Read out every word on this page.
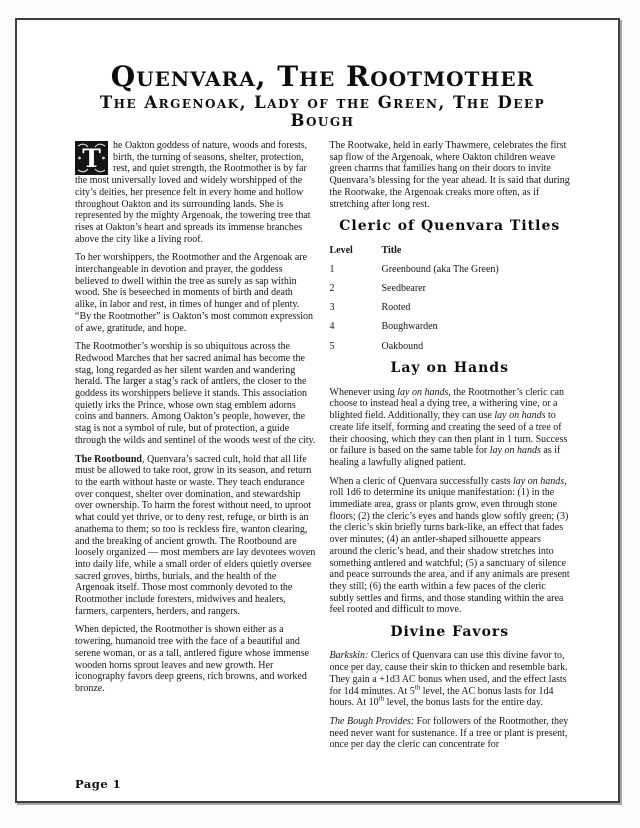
Quenvara, The Rootmother
The Argenoak, Lady of the Green, The Deep Bough

T he Oakton goddess of nature, woods and forests, birth, the turning of seasons, shelter, protection, rest, and quiet strength, the Rootmother is by far the most universally loved and widely worshipped of the city’s deities, her presence felt in every home and hollow throughout Oakton and its surrounding lands. She is represented by the mighty Argenoak, the towering tree that rises at Oakton’s heart and spreads its immense branches above the city like a living roof.

To her worshippers, the Rootmother and the Argenoak are interchangeable in devotion and prayer, the goddess believed to dwell within the tree as surely as sap within wood. She is beseeched in moments of birth and death alike, in labor and rest, in times of hunger and of plenty. “By the Rootmother” is Oakton’s most common expression of awe, gratitude, and hope.

The Rootmother’s worship is so ubiquitous across the Redwood Marches that her sacred animal has become the stag, long regarded as her silent warden and wandering herald. The larger a stag’s rack of antlers, the closer to the goddess its worshippers believe it stands. This association quietly irks the Prince, whose own stag emblem adorns coins and banners. Among Oakton’s people, however, the stag is not a symbol of rule, but of protection, a guide through the wilds and sentinel of the woods west of the city.

The Rootbound, Quenvara’s sacred cult, hold that all life must be allowed to take root, grow in its season, and return to the earth without haste or waste. They teach endurance over conquest, shelter over domination, and stewardship over ownership. To harm the forest without need, to uproot what could yet thrive, or to deny rest, refuge, or birth is an anathema to them; so too is reckless fire, wanton clearing, and the breaking of ancient growth. The Rootbound are loosely organized — most members are lay devotees woven into daily life, while a small order of elders quietly oversee sacred groves, births, burials, and the health of the Argenoak itself. Those most commonly devoted to the Rootmother include foresters, midwives and healers, farmers, carpenters, herders, and rangers.

When depicted, the Rootmother is shown either as a towering, humanoid tree with the face of a beautiful and serene woman, or as a tall, antlered figure whose immense wooden horns sprout leaves and new growth. Her iconography favors deep greens, rich browns, and worked bronze.

The Rootwake, held in early Thawmere, celebrates the first sap flow of the Argenoak, where Oakton children weave green charms that families hang on their doors to invite Quenvara’s blessing for the year ahead. It is said that during the Rootwake, the Argenoak creaks more often, as if stretching after long rest.

Cleric of Quenvara Titles
Level	Title
1	Greenbound (aka The Green)
2	Seedbearer
3	Rooted
4	Boughwarden
5	Oakbound
Lay on Hands

Whenever using lay on hands, the Rootmother’s cleric can choose to instead heal a dying tree, a withering vine, or a blighted field. Additionally, they can use lay on hands to create life itself, forming and creating the seed of a tree of their choosing, which they can then plant in 1 turn. Success or failure is based on the same table for lay on hands as if healing a lawfully aligned patient.

When a cleric of Quenvara successfully casts lay on hands, roll 1d6 to determine its unique manifestation: (1) in the immediate area, grass or plants grow, even through stone floors; (2) the cleric’s eyes and hands glow softly green; (3) the cleric’s skin briefly turns bark-like, an effect that fades over minutes; (4) an antler-shaped silhouette appears around the cleric’s head, and their shadow stretches into something antlered and watchful; (5) a sanctuary of silence and peace surrounds the area, and if any animals are present they still; (6) the earth within a few paces of the cleric subtly settles and firms, and those standing within the area feel rooted and difficult to move.

Divine Favors

Barkskin: Clerics of Quenvara can use this divine favor to, once per day, cause their skin to thicken and resemble bark. They gain a +1d3 AC bonus when used, and the effect lasts for 1d4 minutes. At 5th level, the AC bonus lasts for 1d4 hours. At 10th level, the bonus lasts for the entire day.

The Bough Provides: For followers of the Rootmother, they need never want for sustenance. If a tree or plant is present, once per day the cleric can concentrate for

Page 1
